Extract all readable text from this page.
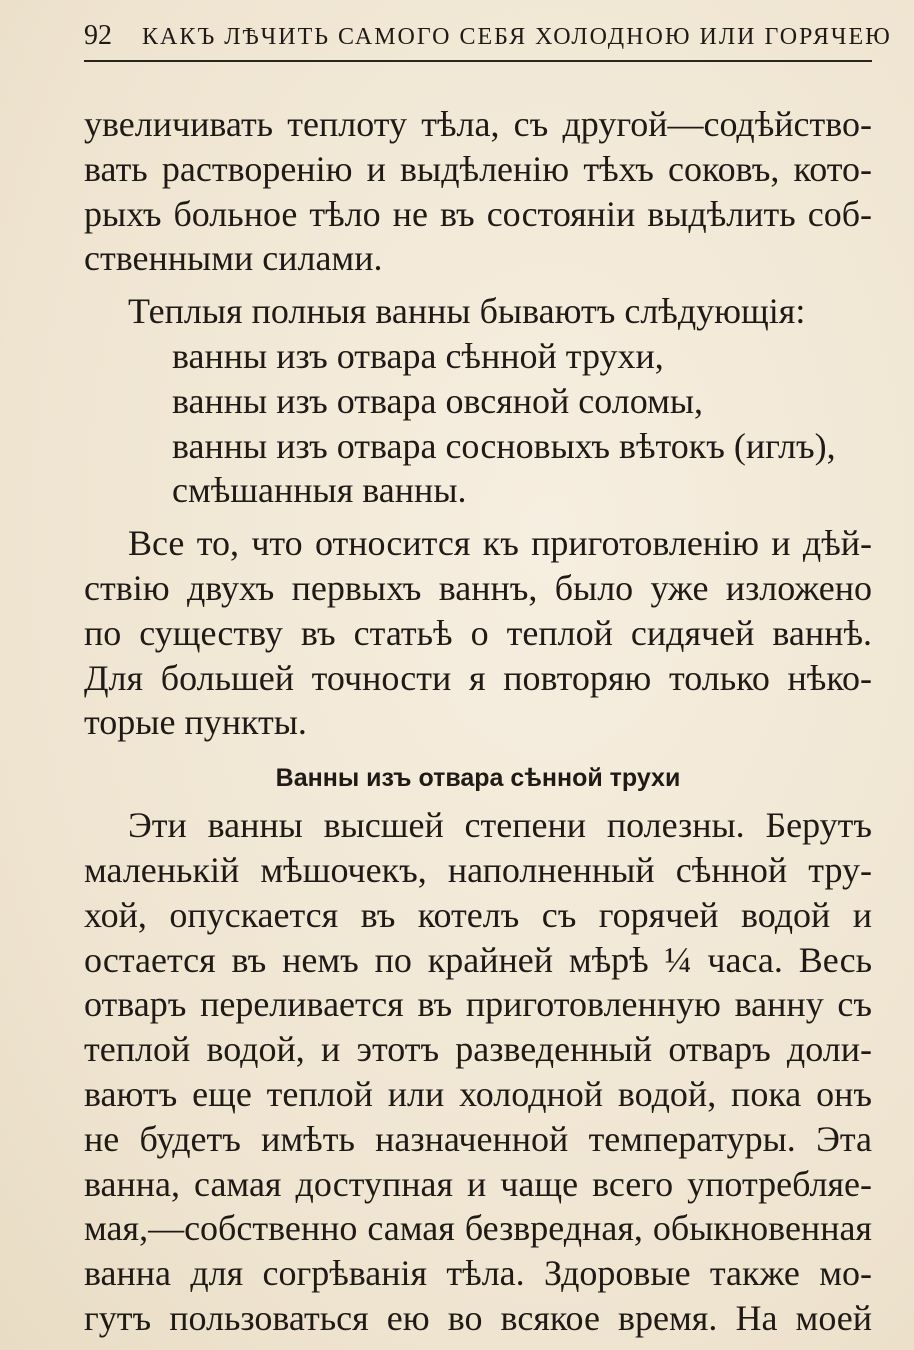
92 КАКЪ ЛѢЧИТЬ САМОГО СЕБЯ ХОЛОДНОЮ ИЛИ ГОРЯЧЕЮ
увеличивать теплоту тѣла, съ другой—содѣйство-
вать растворенію и выдѣленію тѣхъ соковъ, кото-
рыхъ больное тѣло не въ состояніи выдѣлить соб-
ственными силами.
Теплыя полныя ванны бываютъ слѣдующія:
ванны изъ отвара сѣнной трухи,
ванны изъ отвара овсяной соломы,
ванны изъ отвара сосновыхъ вѣтокъ (иглъ),
смѣшанныя ванны.
Все то, что относится къ приготовленію и дѣй-
ствію двухъ первыхъ ваннъ, было уже изложено
по существу въ статьѣ о теплой сидячей ваннѣ.
Для большей точности я повторяю только нѣко-
торые пункты.
Ванны изъ отвара сѣнной трухи
Эти ванны высшей степени полезны. Берутъ
маленькій мѣшочекъ, наполненный сѣнной тру-
хой, опускается въ котелъ съ горячей водой и
остается въ немъ по крайней мѣрѣ ¼ часа. Весь
отваръ переливается въ приготовленную ванну съ
теплой водой, и этотъ разведенный отваръ доли-
ваютъ еще теплой или холодной водой, пока онъ
не будетъ имѣть назначенной температуры. Эта
ванна, самая доступная и чаще всего употребляе-
мая,—собственно самая безвредная, обыкновенная
ванна для согрѣванія тѣла. Здоровые также мо-
гутъ пользоваться ею во всякое время. На моей
